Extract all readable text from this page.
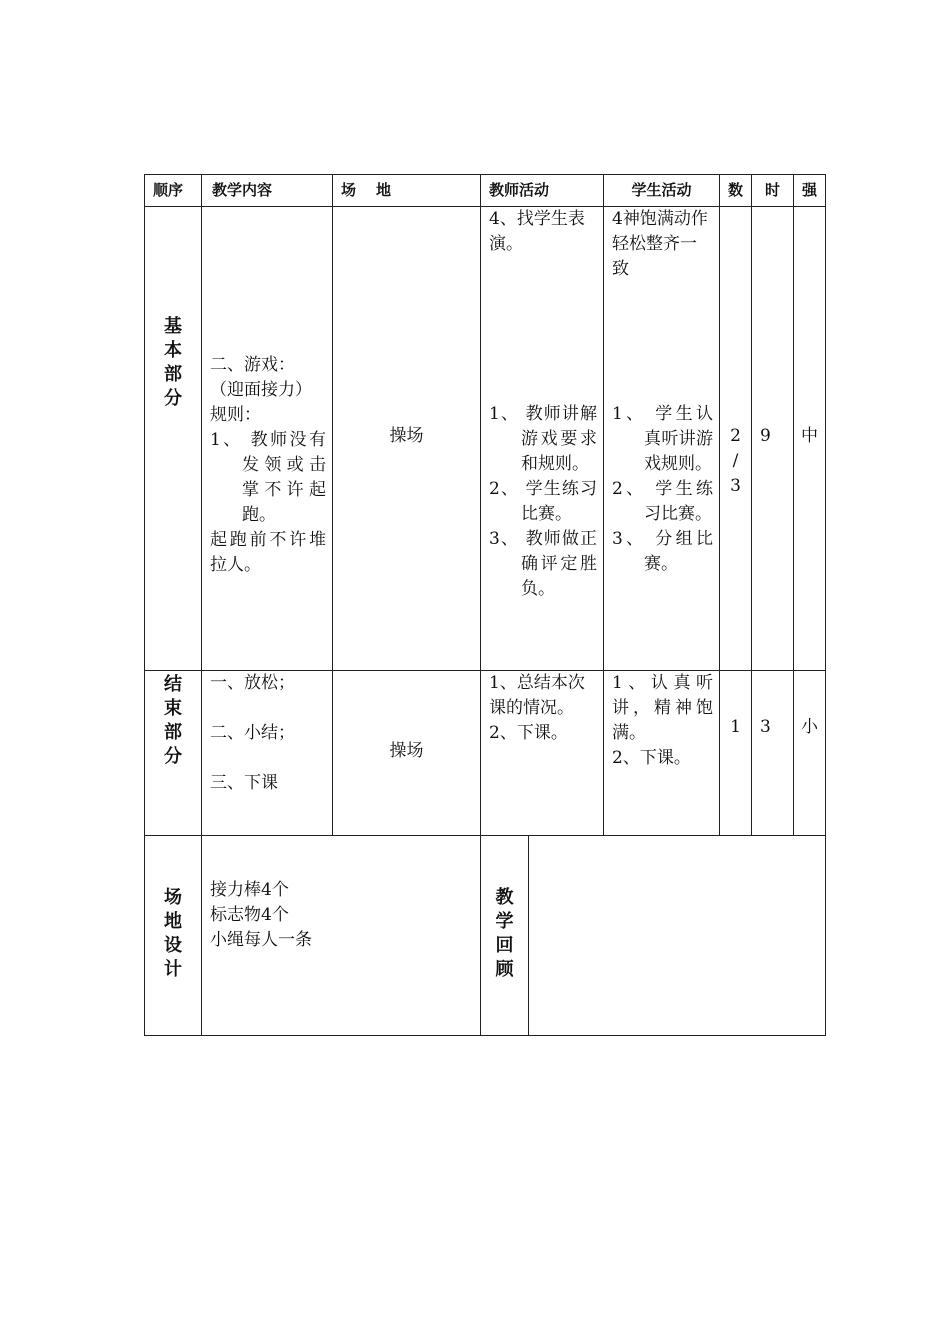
顺序	教学内容	场 地	教师活动		学生活动	数	时	强

基本部分	二、游戏：
（迎面接力）
规则：
1、 教师没有发领或击掌不许起跑。
起跑前不许堆拉人。	操场	4、找学生表演。
1、 教师讲解游戏要求和规则。
2、 学生练习比赛。
3、 教师做正确评定胜负。		4神饱满动作轻松整齐一致
1、 学生认真听讲游戏规则。
2、 学生练习比赛。
3、 分组比赛。	2
/
3	9	中

结束部分	一、放松；
二、小结；
三、下课	操场	1、总结本次课的情况。
2、下课。		1、认真听讲，精神饱满。
2、下课。	1	3	小

场地设计	接力棒4个
标志物4个
小绳每人一条		教学回顾					
